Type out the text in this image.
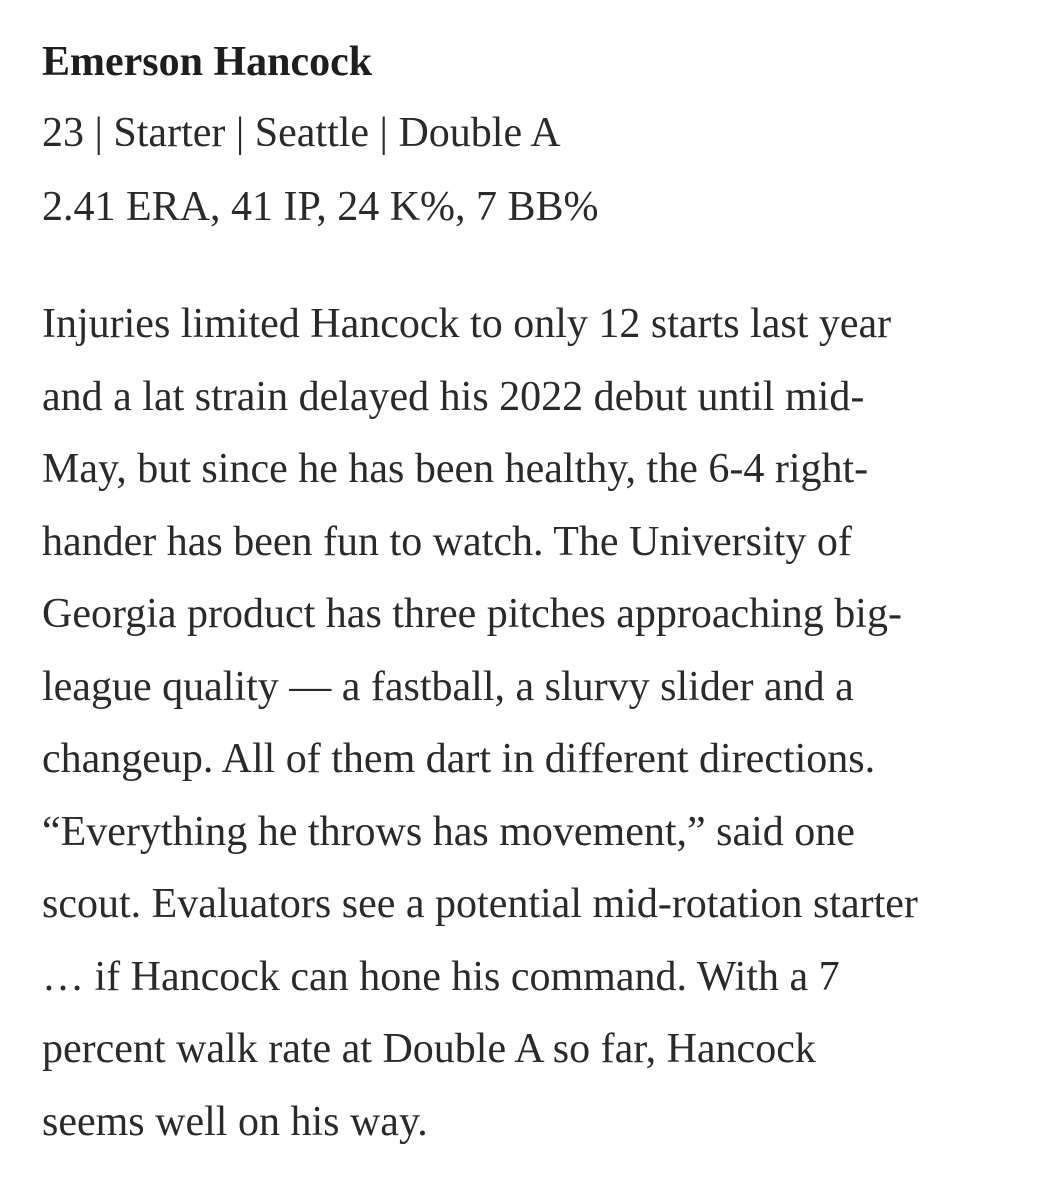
Emerson Hancock

23 | Starter | Seattle | Double A

2.41 ERA, 41 IP, 24 K%, 7 BB%

Injuries limited Hancock to only 12 starts last year
and a lat strain delayed his 2022 debut until mid-
May, but since he has been healthy, the 6-4 right-
hander has been fun to watch. The University of
Georgia product has three pitches approaching big-
league quality — a fastball, a slurvy slider and a
changeup. All of them dart in different directions.
“Everything he throws has movement,” said one
scout. Evaluators see a potential mid-rotation starter
… if Hancock can hone his command. With a 7
percent walk rate at Double A so far, Hancock
seems well on his way.
